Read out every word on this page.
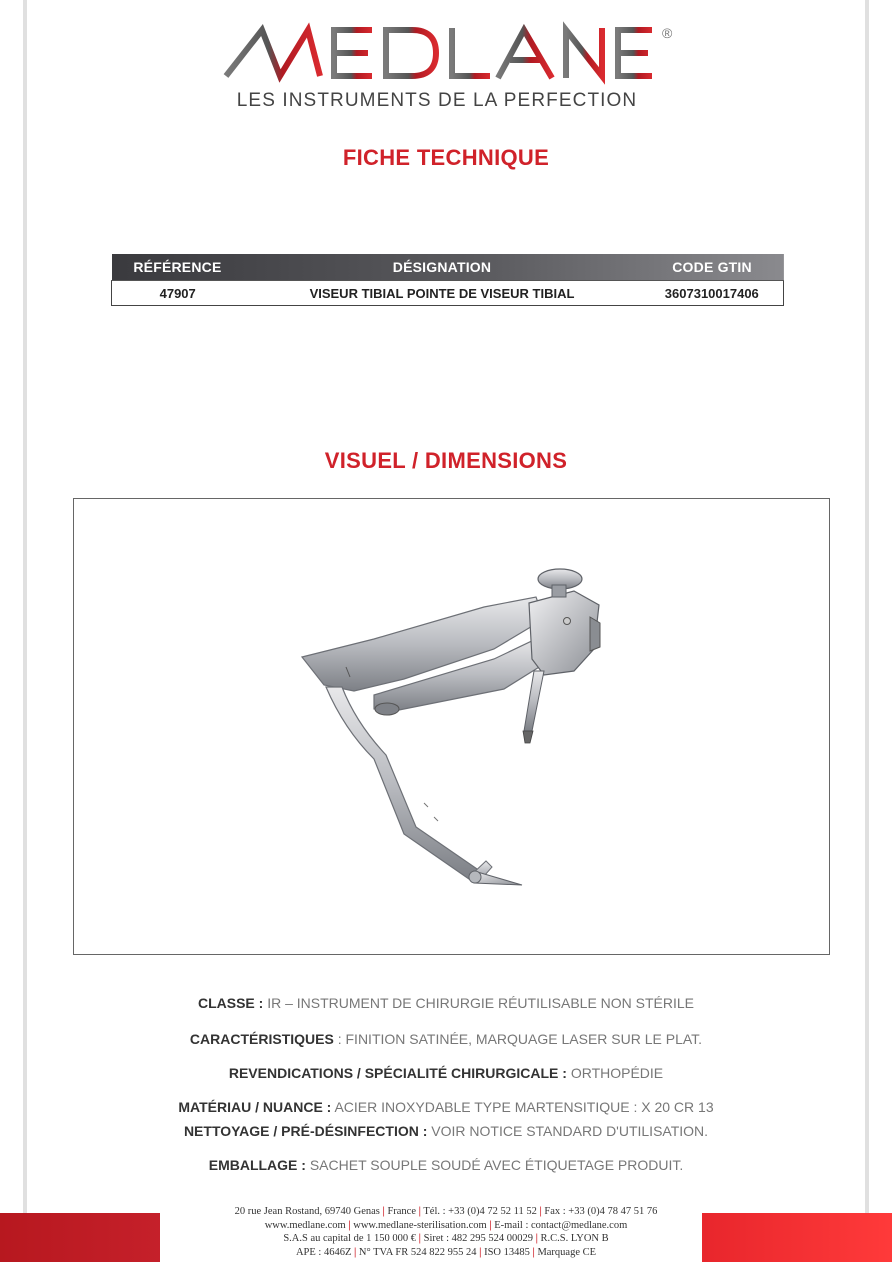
®
LES INSTRUMENTS DE LA PERFECTION
FICHE TECHNIQUE
RÉFÉRENCE	DÉSIGNATION	CODE GTIN
47907	VISEUR TIBIAL POINTE DE VISEUR TIBIAL	3607310017406
VISUEL / DIMENSIONS
CLASSE : IR – INSTRUMENT DE CHIRURGIE RÉUTILISABLE NON STÉRILE
CARACTÉRISTIQUES : FINITION SATINÉE, MARQUAGE LASER SUR LE PLAT.
REVENDICATIONS / SPÉCIALITÉ CHIRURGICALE : ORTHOPÉDIE
MATÉRIAU / NUANCE : ACIER INOXYDABLE TYPE MARTENSITIQUE : X 20 CR 13
NETTOYAGE / PRÉ-DÉSINFECTION : VOIR NOTICE STANDARD D'UTILISATION.
EMBALLAGE : SACHET SOUPLE SOUDÉ AVEC ÉTIQUETAGE PRODUIT.
20 rue Jean Rostand, 69740 Genas | France | Tél. : +33 (0)4 72 52 11 52 | Fax : +33 (0)4 78 47 51 76
www.medlane.com | www.medlane-sterilisation.com | E-mail : contact@medlane.com
S.A.S au capital de 1 150 000 € | Siret : 482 295 524 00029 | R.C.S. LYON B
APE : 4646Z | N° TVA FR 524 822 955 24 | ISO 13485 | Marquage CE
